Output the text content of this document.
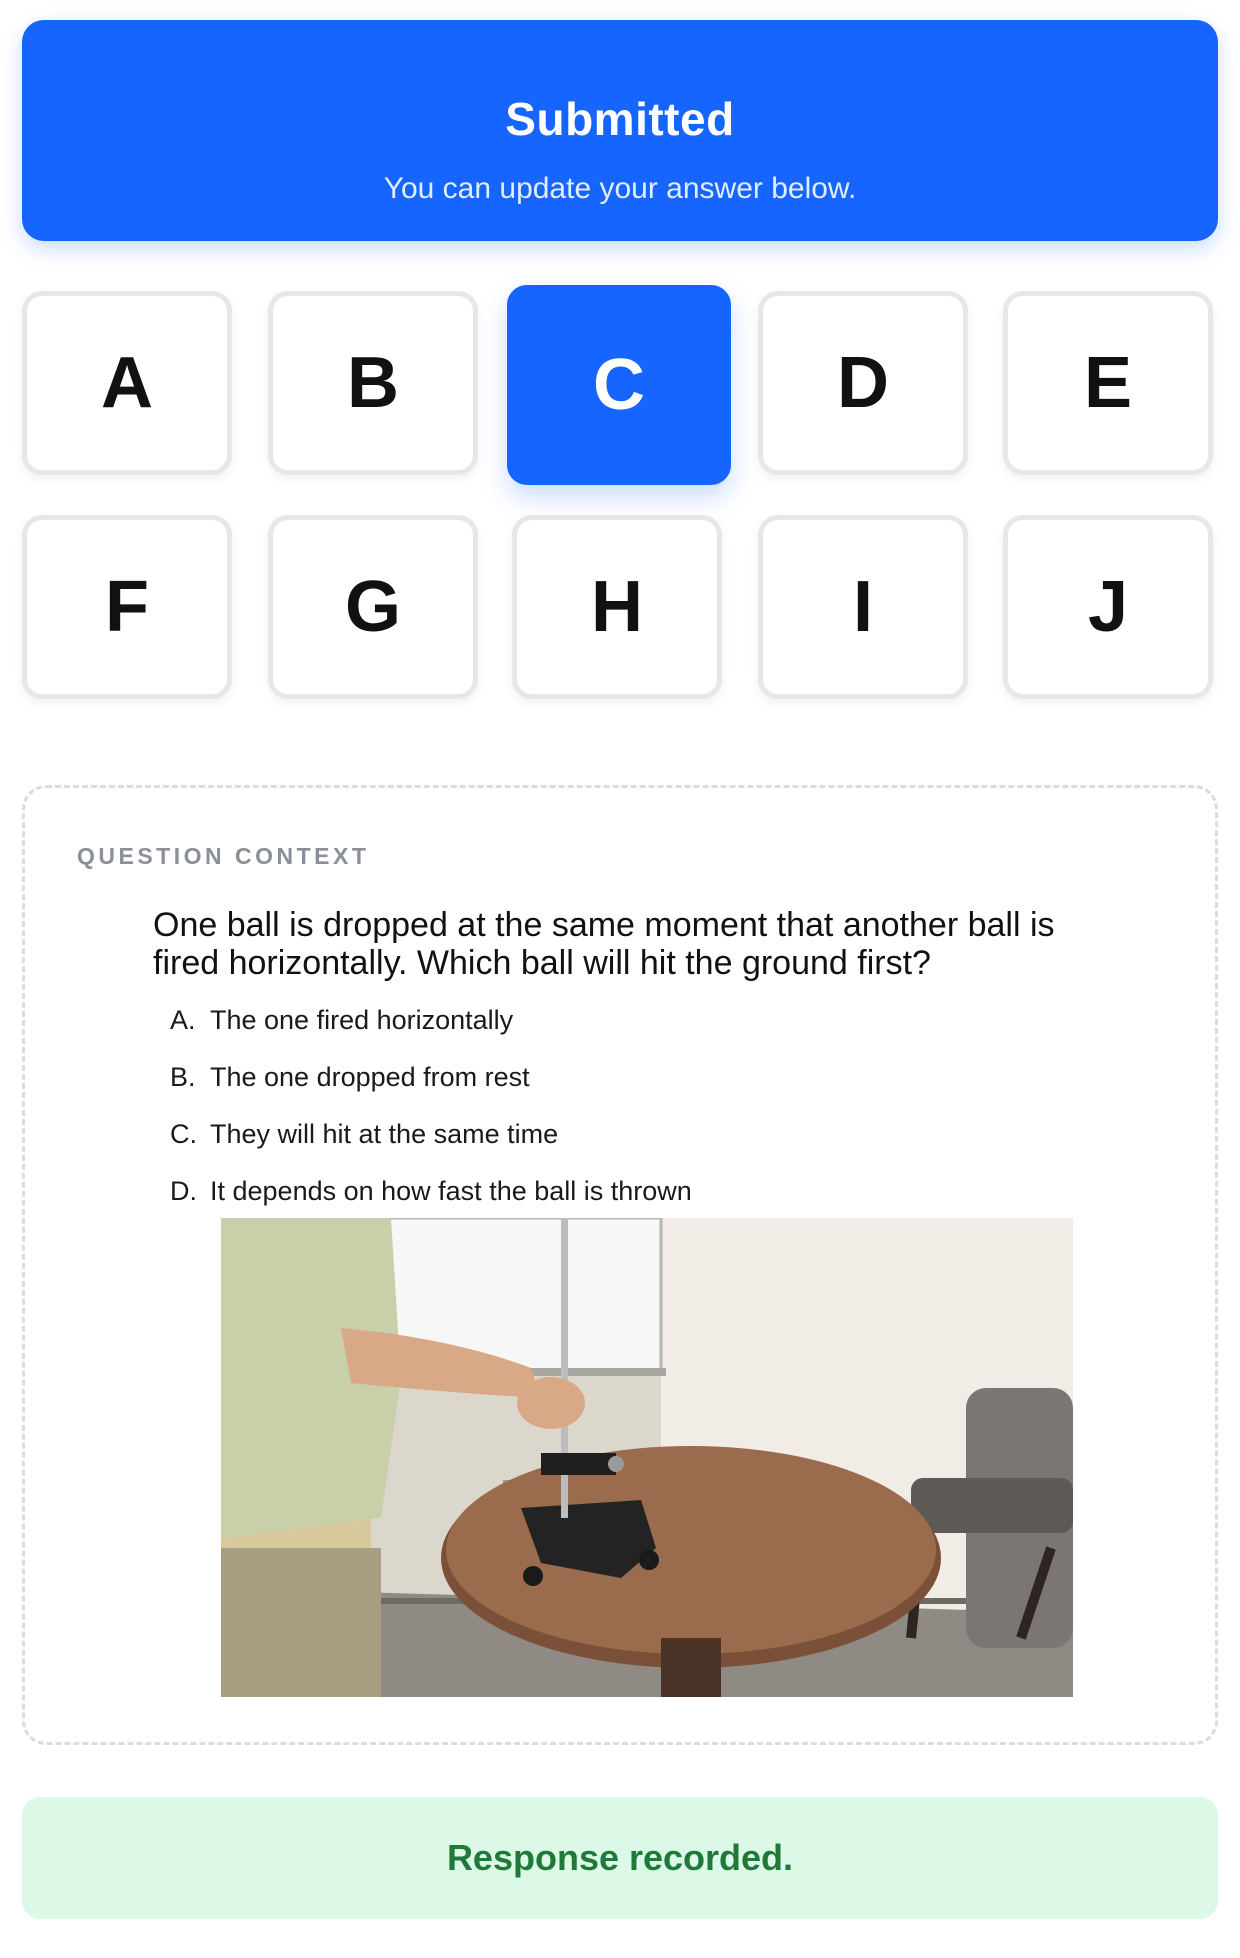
Submitted
You can update your answer below.
A	B	C	D	E
F	G	H	I	J
QUESTION CONTEXT
One ball is dropped at the same moment that another ball is fired horizontally. Which ball will hit the ground first?
A. The one fired horizontally
B. The one dropped from rest
C. They will hit at the same time
D. It depends on how fast the ball is thrown
Response recorded.
